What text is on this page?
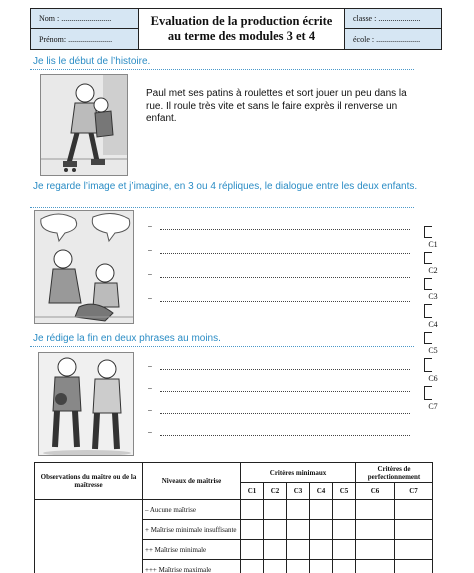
Nom : .........................
Prénom: ......................
Evaluation de la production écrite
au terme des modules 3 et 4
classe : .....................
école : ......................
Je lis le début de l’histoire.
Paul met ses patins à roulettes et sort jouer un peu dans la rue. Il roule très vite et sans le faire exprès il renverse un enfant.
Je regarde l’image et j’imagine, en 3 ou 4 répliques, le dialogue entre les deux enfants.
–
–
–
–
Je rédige la fin en deux phrases au moins.
–
–
–
–
C1
C2
C3
C4
C5
C6
C7
Observations du maître ou de la maîtresse	Niveaux de maîtrise	Critères minimaux					Critères de perfectionnement	
		C1	C2	C3	C4	C5	C6	C7
	– Aucune maîtrise							
	+ Maîtrise minimale insuffisante							
	++ Maîtrise minimale							
	+++ Maîtrise maximale							
